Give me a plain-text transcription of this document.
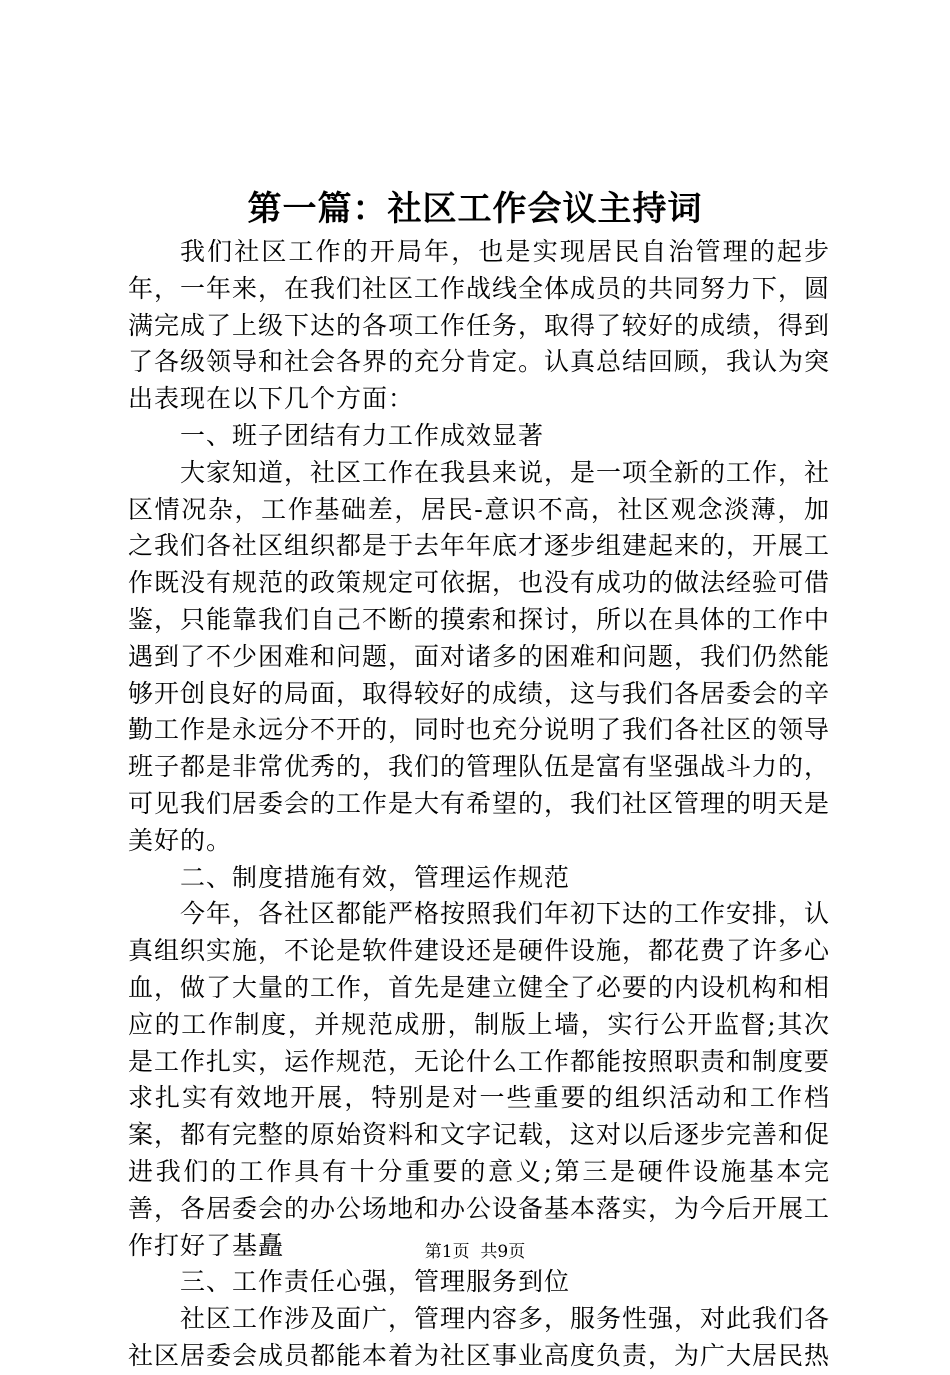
第一篇：社区工作会议主持词

我们社区工作的开局年，也是实现居民自治管理的起步年，一年来，在我们社区工作战线全体成员的共同努力下，圆满完成了上级下达的各项工作任务，取得了较好的成绩，得到了各级领导和社会各界的充分肯定。认真总结回顾，我认为突出表现在以下几个方面：

一、班子团结有力工作成效显著

大家知道，社区工作在我县来说，是一项全新的工作，社区情况杂，工作基础差，居民-意识不高，社区观念淡薄，加之我们各社区组织都是于去年年底才逐步组建起来的，开展工作既没有规范的政策规定可依据，也没有成功的做法经验可借鉴，只能靠我们自己不断的摸索和探讨，所以在具体的工作中遇到了不少困难和问题，面对诸多的困难和问题，我们仍然能够开创良好的局面，取得较好的成绩，这与我们各居委会的辛勤工作是永远分不开的，同时也充分说明了我们各社区的领导班子都是非常优秀的，我们的管理队伍是富有坚强战斗力的，可见我们居委会的工作是大有希望的，我们社区管理的明天是美好的。

二、制度措施有效，管理运作规范

今年，各社区都能严格按照我们年初下达的工作安排，认真组织实施，不论是软件建设还是硬件设施，都花费了许多心血，做了大量的工作，首先是建立健全了必要的内设机构和相应的工作制度，并规范成册，制版上墙，实行公开监督;其次是工作扎实，运作规范，无论什么工作都能按照职责和制度要求扎实有效地开展，特别是对一些重要的组织活动和工作档案，都有完整的原始资料和文字记载，这对以后逐步完善和促进我们的工作具有十分重要的意义;第三是硬件设施基本完善，各居委会的办公场地和办公设备基本落实，为今后开展工作打好了基矗

三、工作责任心强，管理服务到位

社区工作涉及面广，管理内容多，服务性强，对此我们各社区居委会成员都能本着为社区事业高度负责，为广大居民热

第1页 共9页
